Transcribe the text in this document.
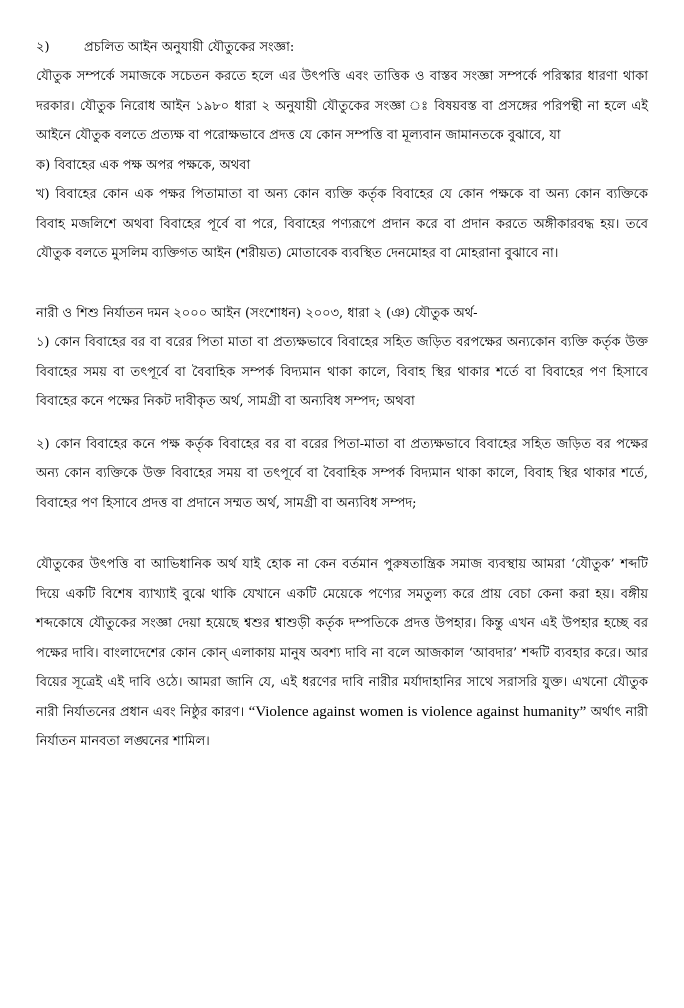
২)	প্রচলিত আইন অনুযায়ী যৌতুকের সংজ্ঞা:

যৌতুক সম্পর্কে সমাজকে সচেতন করতে হলে এর উৎপত্তি এবং তাত্তিক ও বাস্তব সংজ্ঞা সম্পর্কে পরিস্কার ধারণা থাকা দরকার। যৌতুক নিরোধ আইন ১৯৮০ ধারা ২ অনুযায়ী যৌতুকের সংজ্ঞা ঃ বিষয়বস্ত বা প্রসঙ্গের পরিপন্থী না হলে এই আইনে যৌতুক বলতে প্রত্যক্ষ বা পরোক্ষভাবে প্রদত্ত যে কোন সম্পত্তি বা মূল্যবান জামানতকে বুঝাবে, যা

ক) বিবাহের এক পক্ষ অপর পক্ষকে, অথবা

খ) বিবাহের কোন এক পক্ষর পিতামাতা বা অন্য কোন ব্যক্তি কর্তৃক বিবাহের যে কোন পক্ষকে বা অন্য কোন ব্যক্তিকে বিবাহ মজলিশে অথবা বিবাহের পূর্বে বা পরে, বিবাহের পণ্যরূপে প্রদান করে বা প্রদান করতে অঙ্গীকারবদ্ধ হয়। তবে যৌতুক বলতে মুসলিম ব্যক্তিগত আইন (শরীয়ত) মোতাবেক ব্যবস্থিত দেনমোহর বা মোহরানা বুঝাবে না।

নারী ও শিশু নির্যাতন দমন ২০০০ আইন (সংশোধন) ২০০৩, ধারা ২ (ঞ) যৌতুক অর্থ-

১) কোন বিবাহের বর বা বরের পিতা মাতা বা প্রত্যক্ষভাবে বিবাহের সহিত জড়িত বরপক্ষের অন্যকোন ব্যক্তি কর্তৃক উক্ত বিবাহের সময় বা তৎপূর্বে বা বৈবাহিক সম্পর্ক বিদ্যমান থাকা কালে, বিবাহ স্থির থাকার শর্তে বা বিবাহের পণ হিসাবে বিবাহের কনে পক্ষের নিকট দাবীকৃত অর্থ, সামগ্রী বা অন্যবিধ সম্পদ; অথবা

২) কোন বিবাহের কনে পক্ষ কর্তৃক বিবাহের বর বা বরের পিতা-মাতা বা প্রত্যক্ষভাবে বিবাহের সহিত জড়িত বর পক্ষের অন্য কোন ব্যক্তিকে উক্ত বিবাহের সময় বা তৎপূর্বে বা বৈবাহিক সম্পর্ক বিদ্যমান থাকা কালে, বিবাহ স্থির থাকার শর্তে, বিবাহের পণ হিসাবে প্রদত্ত বা প্রদানে সম্মত অর্থ, সামগ্রী বা অন্যবিধ সম্পদ;

যৌতুকের উৎপত্তি বা আভিধানিক অর্থ যাই হোক না কেন বর্তমান পুরুষতান্ত্রিক সমাজ ব্যবস্থায় আমরা ‘যৌতুক’ শব্দটি দিয়ে একটি বিশেষ ব্যাখ্যাই বুঝে থাকি যেখানে একটি মেয়েকে পণ্যের সমতুল্য করে প্রায় বেচা কেনা করা হয়। বঙ্গীয় শব্দকোষে যৌতুকের সংজ্ঞা দেয়া হয়েছে শ্বশুর শ্বাশুড়ী কর্তৃক দম্পতিকে প্রদত্ত উপহার। কিন্তু এখন এই উপহার হচ্ছে বর পক্ষের দাবি। বাংলাদেশের কোন কোন্ এলাকায় মানুষ অবশ্য দাবি না বলে আজকাল ‘আবদার’ শব্দটি ব্যবহার করে। আর বিয়ের সূত্রেই এই দাবি ওঠে। আমরা জানি যে, এই ধরণের দাবি নারীর মর্যাদাহানির সাথে সরাসরি যুক্ত। এখনো যৌতুক নারী নির্যাতনের প্রধান এবং নিষ্ঠুর কারণ। “Violence against women is violence against humanity” অর্থাৎ নারী নির্যাতন মানবতা লঙ্ঘনের শামিল।
